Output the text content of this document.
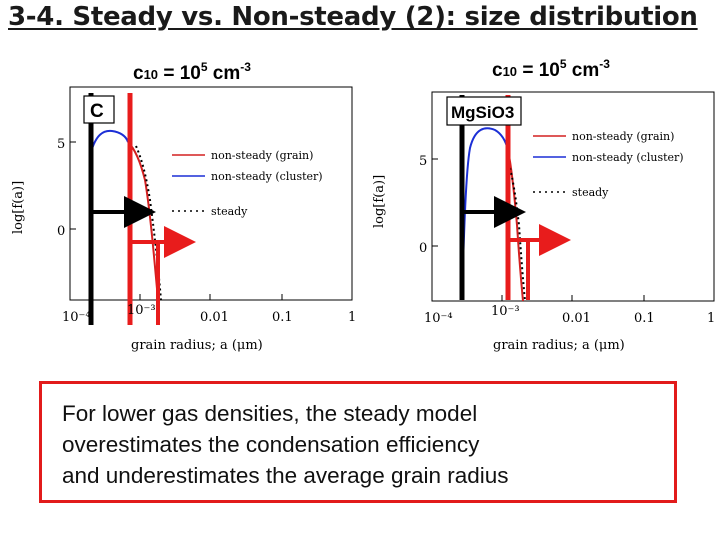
3-4. Steady vs. Non-steady (2): size distribution
$c10 = 10^5$ $cm^{-3}$	$c10 = 10^5$ $cm^{-3}$
non-steady (grain)
non-steady (cluster)
steady
C
5
0
10⁻⁴	10⁻³	0.01	0.1	1
grain radius; a (μm)
log[f(a)]
non-steady (grain)
non-steady (cluster)
steady
MgSiO3
5
0
10⁻⁴	10⁻³	0.01	0.1	1
grain radius; a (μm)
log[f(a)]

For lower gas densities, the steady model
overestimates the condensation efficiency
and underestimates the average grain radius
